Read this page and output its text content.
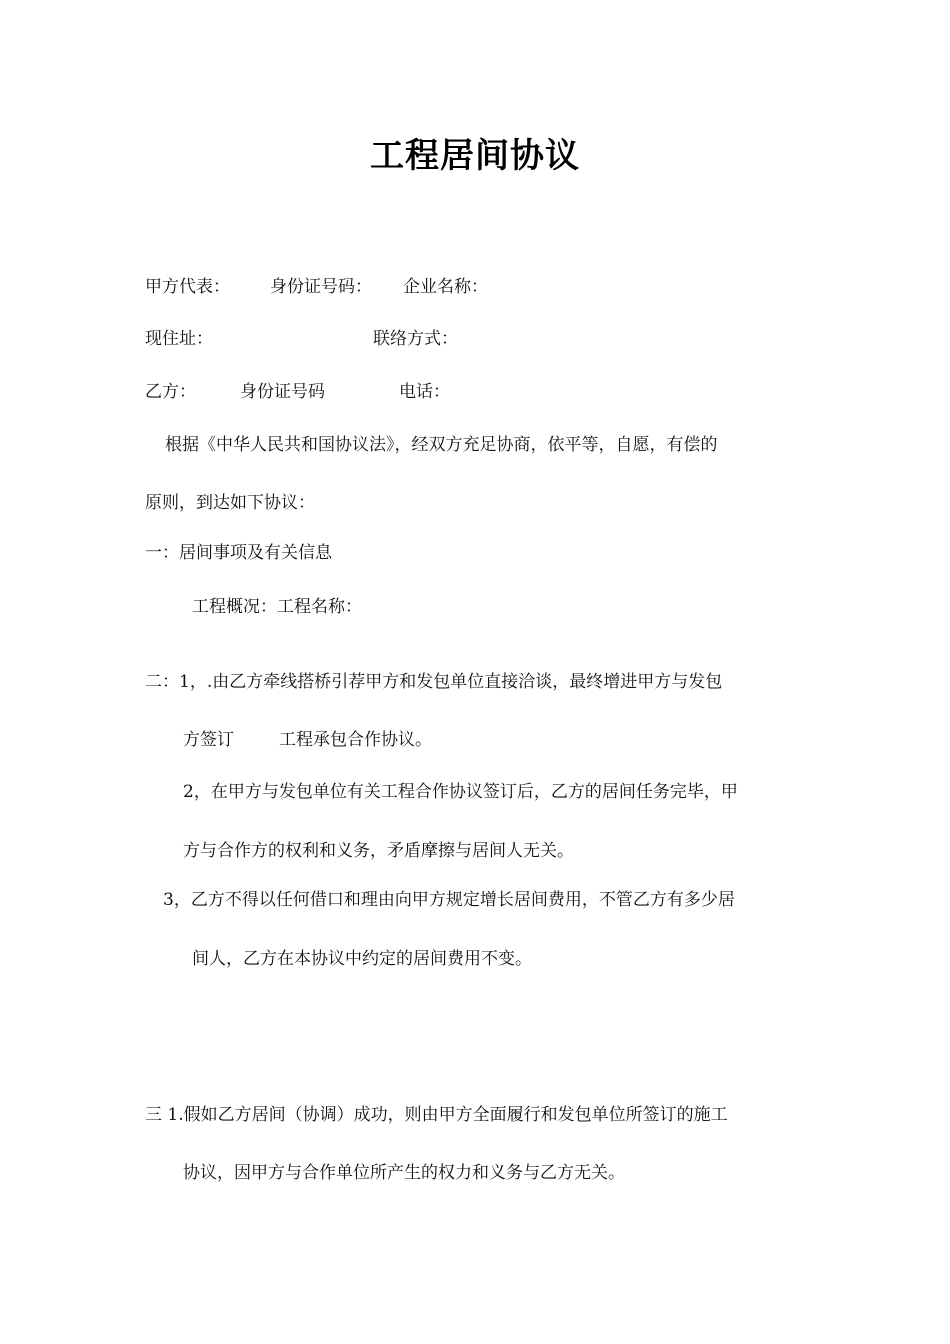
工程居间协议
甲方代表： 身份证号码： 企业名称：
现住址：	联络方式：
乙方：	身份证号码	电话：
根据《中华人民共和国协议法》，经双方充足协商，依平等，自愿，有偿的
原则，到达如下协议：
一：居间事项及有关信息
工程概况：工程名称：
二：1，.由乙方牵线搭桥引荐甲方和发包单位直接洽谈，最终增进甲方与发包
方签订	工程承包合作协议。
2，在甲方与发包单位有关工程合作协议签订后，乙方的居间任务完毕，甲
方与合作方的权利和义务，矛盾摩擦与居间人无关。
3，乙方不得以任何借口和理由向甲方规定增长居间费用，不管乙方有多少居
间人，乙方在本协议中约定的居间费用不变。
三 1.假如乙方居间（协调）成功，则由甲方全面履行和发包单位所签订的施工
协议，因甲方与合作单位所产生的权力和义务与乙方无关。
